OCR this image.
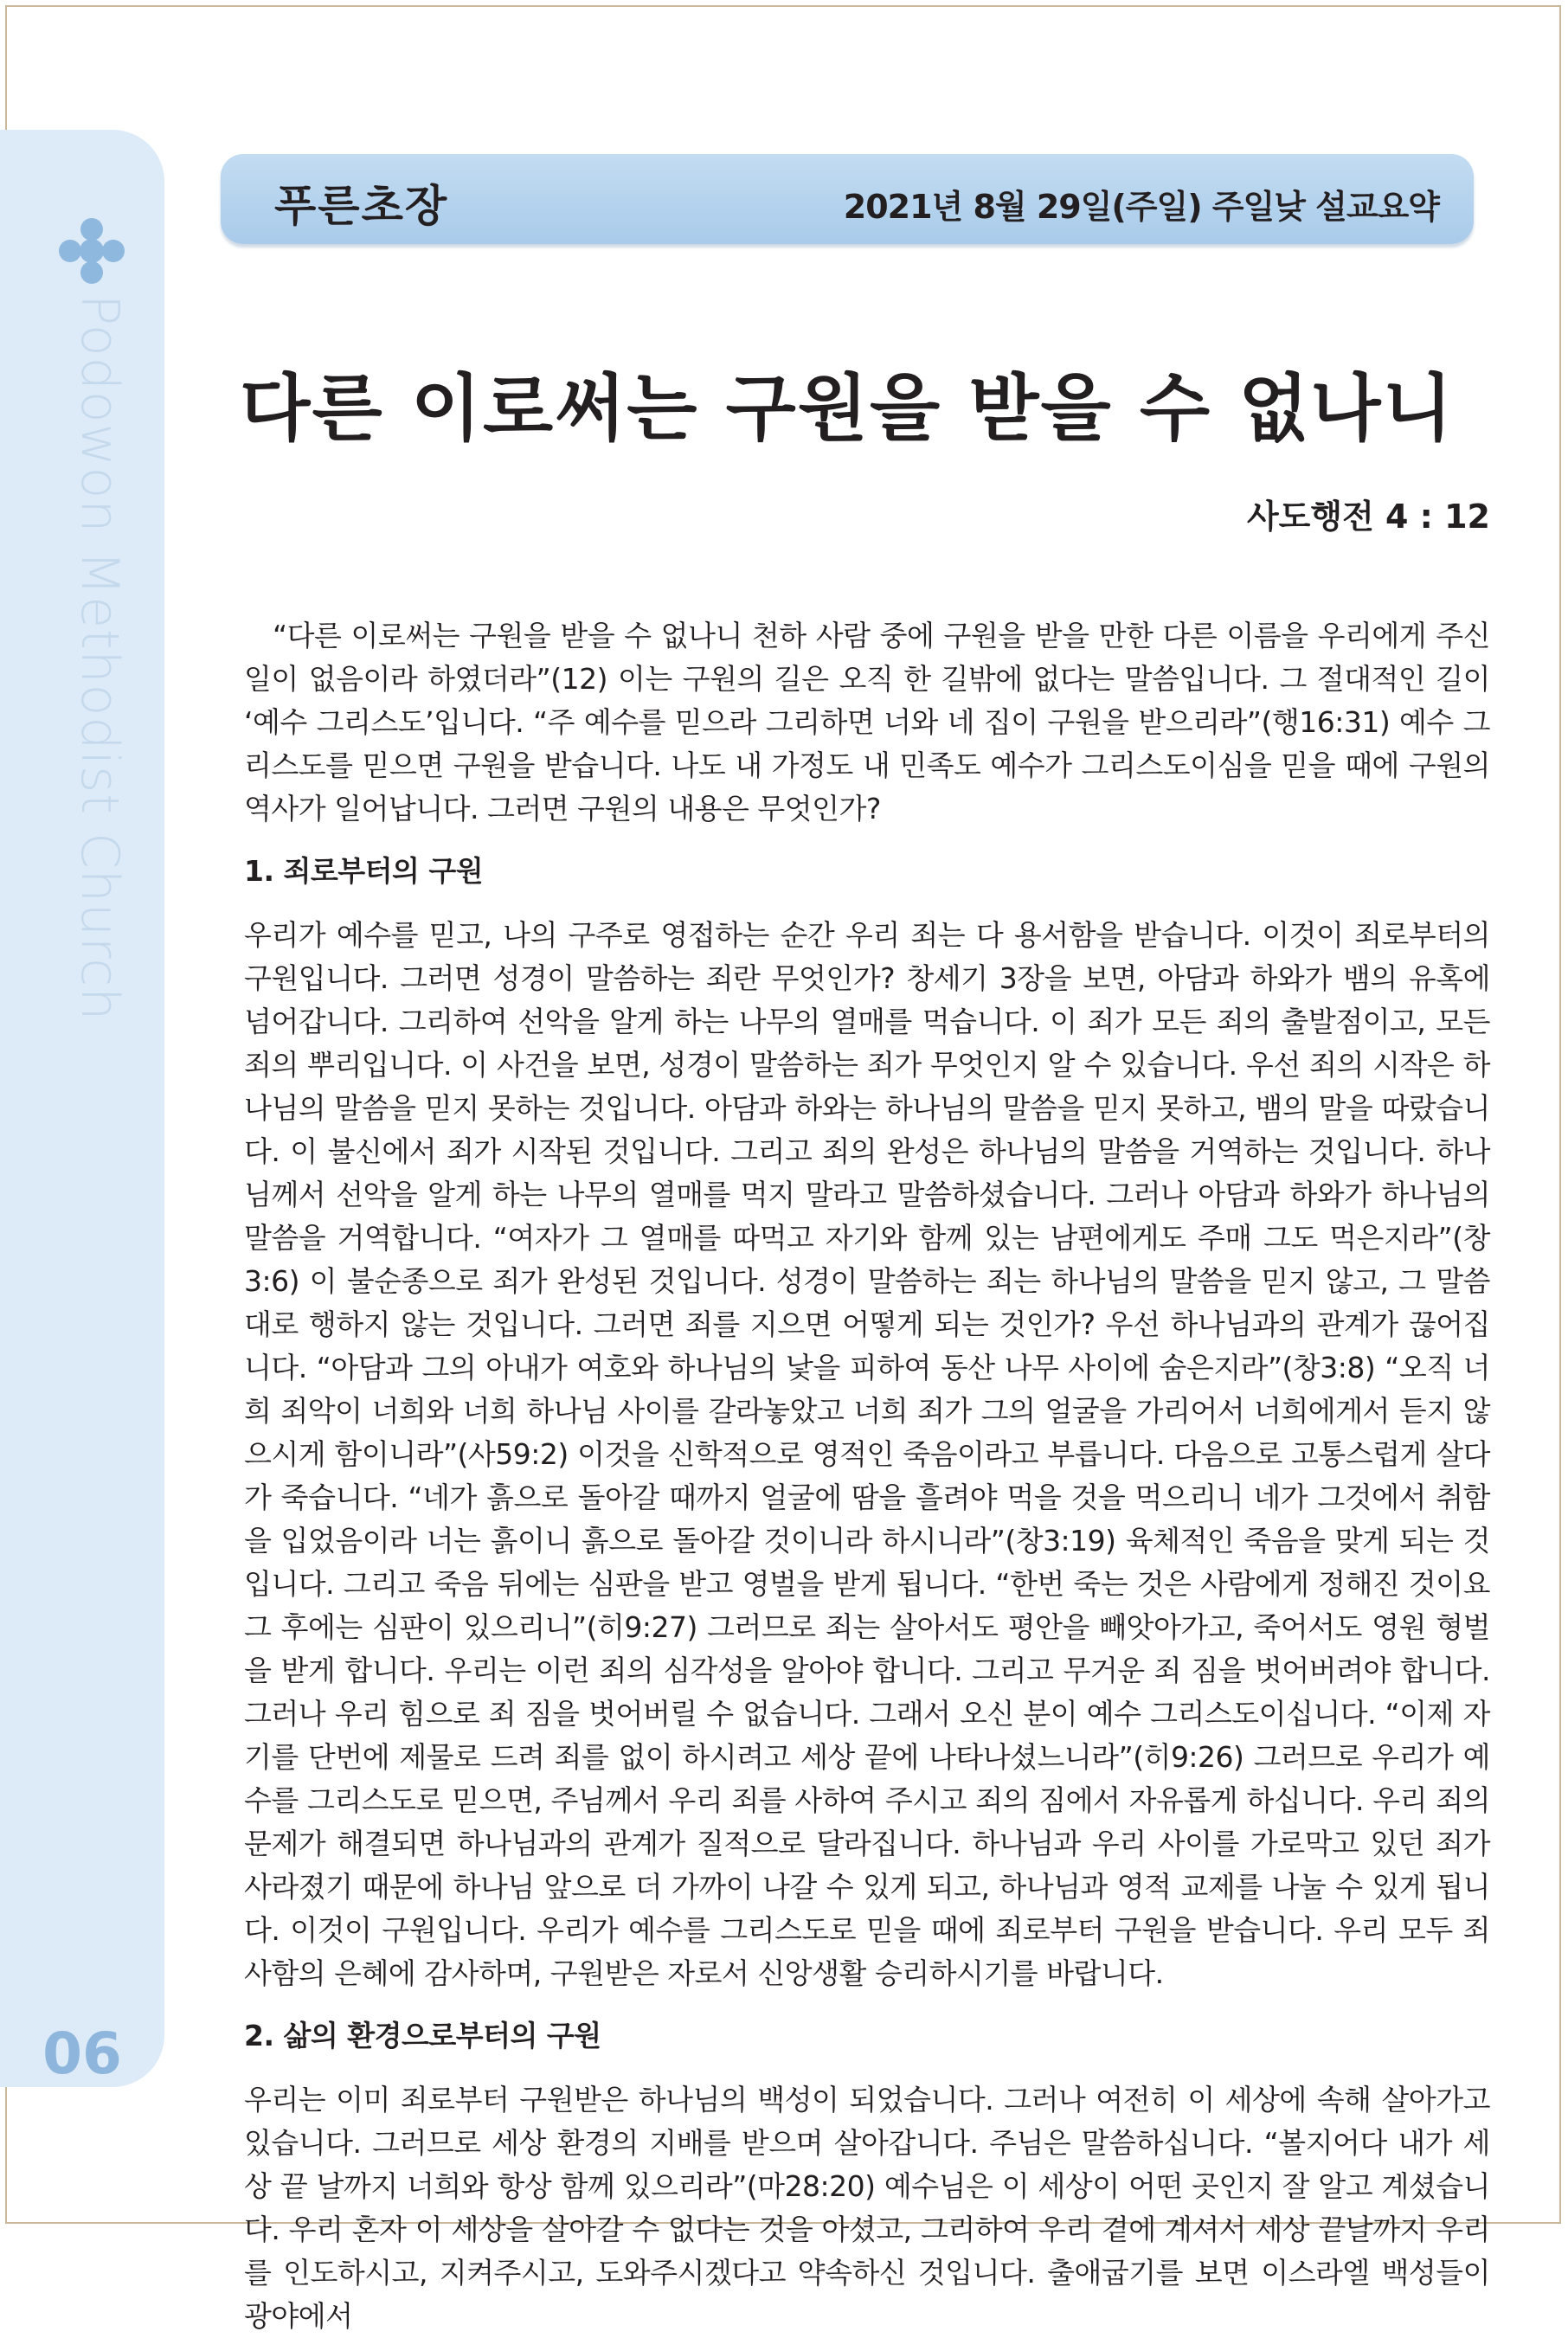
Podowon Methodist Church
06
푸른초장	2021년 8월 29일(주일) 주일낮 설교요약
다른 이로써는 구원을 받을 수 없나니
사도행전 4 : 12

“다른 이로써는 구원을 받을 수 없나니 천하 사람 중에 구원을 받을 만한 다른 이름을 우리에게 주신 일이 없음이라 하였더라”(12) 이는 구원의 길은 오직 한 길밖에 없다는 말씀입니다. 그 절대적인 길이 ‘예수 그리스도’입니다. “주 예수를 믿으라 그리하면 너와 네 집이 구원을 받으리라”(행16:31) 예수 그리스도를 믿으면 구원을 받습니다. 나도 내 가정도 내 민족도 예수가 그리스도이심을 믿을 때에 구원의 역사가 일어납니다. 그러면 구원의 내용은 무엇인가?

1. 죄로부터의 구원

우리가 예수를 믿고, 나의 구주로 영접하는 순간 우리 죄는 다 용서함을 받습니다. 이것이 죄로부터의 구원입니다. 그러면 성경이 말씀하는 죄란 무엇인가? 창세기 3장을 보면, 아담과 하와가 뱀의 유혹에 넘어갑니다. 그리하여 선악을 알게 하는 나무의 열매를 먹습니다. 이 죄가 모든 죄의 출발점이고, 모든 죄의 뿌리입니다. 이 사건을 보면, 성경이 말씀하는 죄가 무엇인지 알 수 있습니다. 우선 죄의 시작은 하나님의 말씀을 믿지 못하는 것입니다. 아담과 하와는 하나님의 말씀을 믿지 못하고, 뱀의 말을 따랐습니다. 이 불신에서 죄가 시작된 것입니다. 그리고 죄의 완성은 하나님의 말씀을 거역하는 것입니다. 하나님께서 선악을 알게 하는 나무의 열매를 먹지 말라고 말씀하셨습니다. 그러나 아담과 하와가 하나님의 말씀을 거역합니다. “여자가 그 열매를 따먹고 자기와 함께 있는 남편에게도 주매 그도 먹은지라”(창3:6) 이 불순종으로 죄가 완성된 것입니다. 성경이 말씀하는 죄는 하나님의 말씀을 믿지 않고, 그 말씀대로 행하지 않는 것입니다. 그러면 죄를 지으면 어떻게 되는 것인가? 우선 하나님과의 관계가 끊어집니다. “아담과 그의 아내가 여호와 하나님의 낯을 피하여 동산 나무 사이에 숨은지라”(창3:8) “오직 너희 죄악이 너희와 너희 하나님 사이를 갈라놓았고 너희 죄가 그의 얼굴을 가리어서 너희에게서 듣지 않으시게 함이니라”(사59:2) 이것을 신학적으로 영적인 죽음이라고 부릅니다. 다음으로 고통스럽게 살다가 죽습니다. “네가 흙으로 돌아갈 때까지 얼굴에 땀을 흘려야 먹을 것을 먹으리니 네가 그것에서 취함을 입었음이라 너는 흙이니 흙으로 돌아갈 것이니라 하시니라”(창3:19) 육체적인 죽음을 맞게 되는 것입니다. 그리고 죽음 뒤에는 심판을 받고 영벌을 받게 됩니다. “한번 죽는 것은 사람에게 정해진 것이요 그 후에는 심판이 있으리니”(히9:27) 그러므로 죄는 살아서도 평안을 빼앗아가고, 죽어서도 영원 형벌을 받게 합니다. 우리는 이런 죄의 심각성을 알아야 합니다. 그리고 무거운 죄 짐을 벗어버려야 합니다. 그러나 우리 힘으로 죄 짐을 벗어버릴 수 없습니다. 그래서 오신 분이 예수 그리스도이십니다. “이제 자기를 단번에 제물로 드려 죄를 없이 하시려고 세상 끝에 나타나셨느니라”(히9:26) 그러므로 우리가 예수를 그리스도로 믿으면, 주님께서 우리 죄를 사하여 주시고 죄의 짐에서 자유롭게 하십니다. 우리 죄의 문제가 해결되면 하나님과의 관계가 질적으로 달라집니다. 하나님과 우리 사이를 가로막고 있던 죄가 사라졌기 때문에 하나님 앞으로 더 가까이 나갈 수 있게 되고, 하나님과 영적 교제를 나눌 수 있게 됩니다. 이것이 구원입니다. 우리가 예수를 그리스도로 믿을 때에 죄로부터 구원을 받습니다. 우리 모두 죄 사함의 은혜에 감사하며, 구원받은 자로서 신앙생활 승리하시기를 바랍니다.

2. 삶의 환경으로부터의 구원

우리는 이미 죄로부터 구원받은 하나님의 백성이 되었습니다. 그러나 여전히 이 세상에 속해 살아가고 있습니다. 그러므로 세상 환경의 지배를 받으며 살아갑니다. 주님은 말씀하십니다. “볼지어다 내가 세상 끝 날까지 너희와 항상 함께 있으리라”(마28:20) 예수님은 이 세상이 어떤 곳인지 잘 알고 계셨습니다. 우리 혼자 이 세상을 살아갈 수 없다는 것을 아셨고, 그리하여 우리 곁에 계셔서 세상 끝날까지 우리를 인도하시고, 지켜주시고, 도와주시겠다고 약속하신 것입니다. 출애굽기를 보면 이스라엘 백성들이 광야에서
